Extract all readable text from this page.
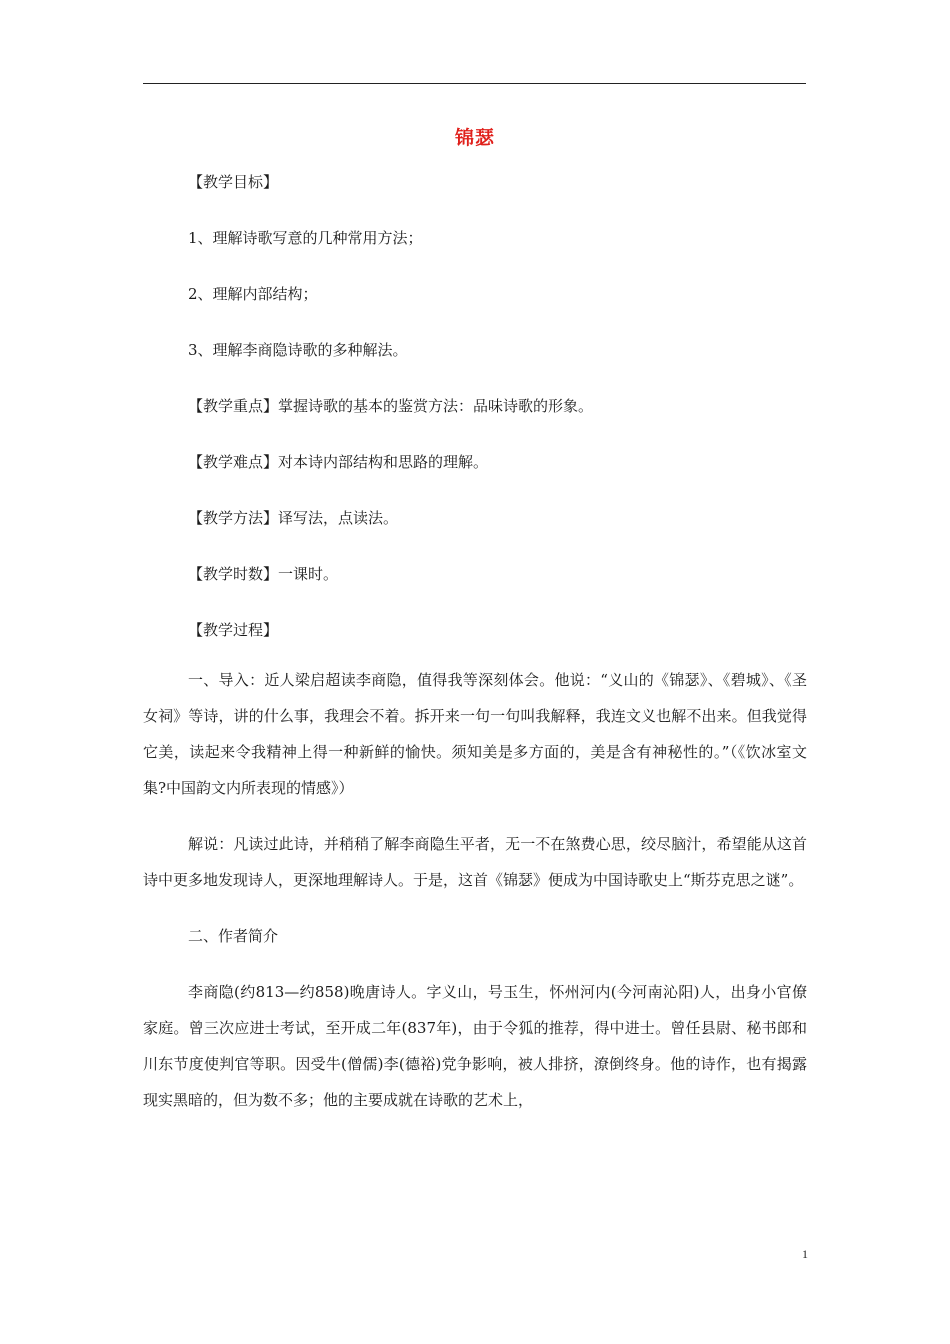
锦瑟

【教学目标】

1、理解诗歌写意的几种常用方法；

2、理解内部结构；

3、理解李商隐诗歌的多种解法。

【教学重点】掌握诗歌的基本的鉴赏方法：品味诗歌的形象。

【教学难点】对本诗内部结构和思路的理解。

【教学方法】译写法，点读法。

【教学时数】一课时。

【教学过程】

一、导入：近人梁启超读李商隐，值得我等深刻体会。他说：“义山的《锦瑟》、《碧城》、《圣女祠》等诗，讲的什么事，我理会不着。拆开来一句一句叫我解释，我连文义也解不出来。但我觉得它美，读起来令我精神上得一种新鲜的愉快。须知美是多方面的，美是含有神秘性的。”（《饮冰室文集?中国韵文内所表现的情感》）

解说：凡读过此诗，并稍稍了解李商隐生平者，无一不在煞费心思，绞尽脑汁，希望能从这首诗中更多地发现诗人，更深地理解诗人。于是，这首《锦瑟》便成为中国诗歌史上“斯芬克思之谜”。

二、作者简介

李商隐(约813—约858)晚唐诗人。字义山，号玉生，怀州河内(今河南沁阳)人，出身小官僚家庭。曾三次应进士考试，至开成二年(837年)，由于令狐的推荐，得中进士。曾任县尉、秘书郎和川东节度使判官等职。因受牛(僧儒)李(德裕)党争影响，被人排挤，潦倒终身。他的诗作，也有揭露现实黑暗的，但为数不多；他的主要成就在诗歌的艺术上，

1
